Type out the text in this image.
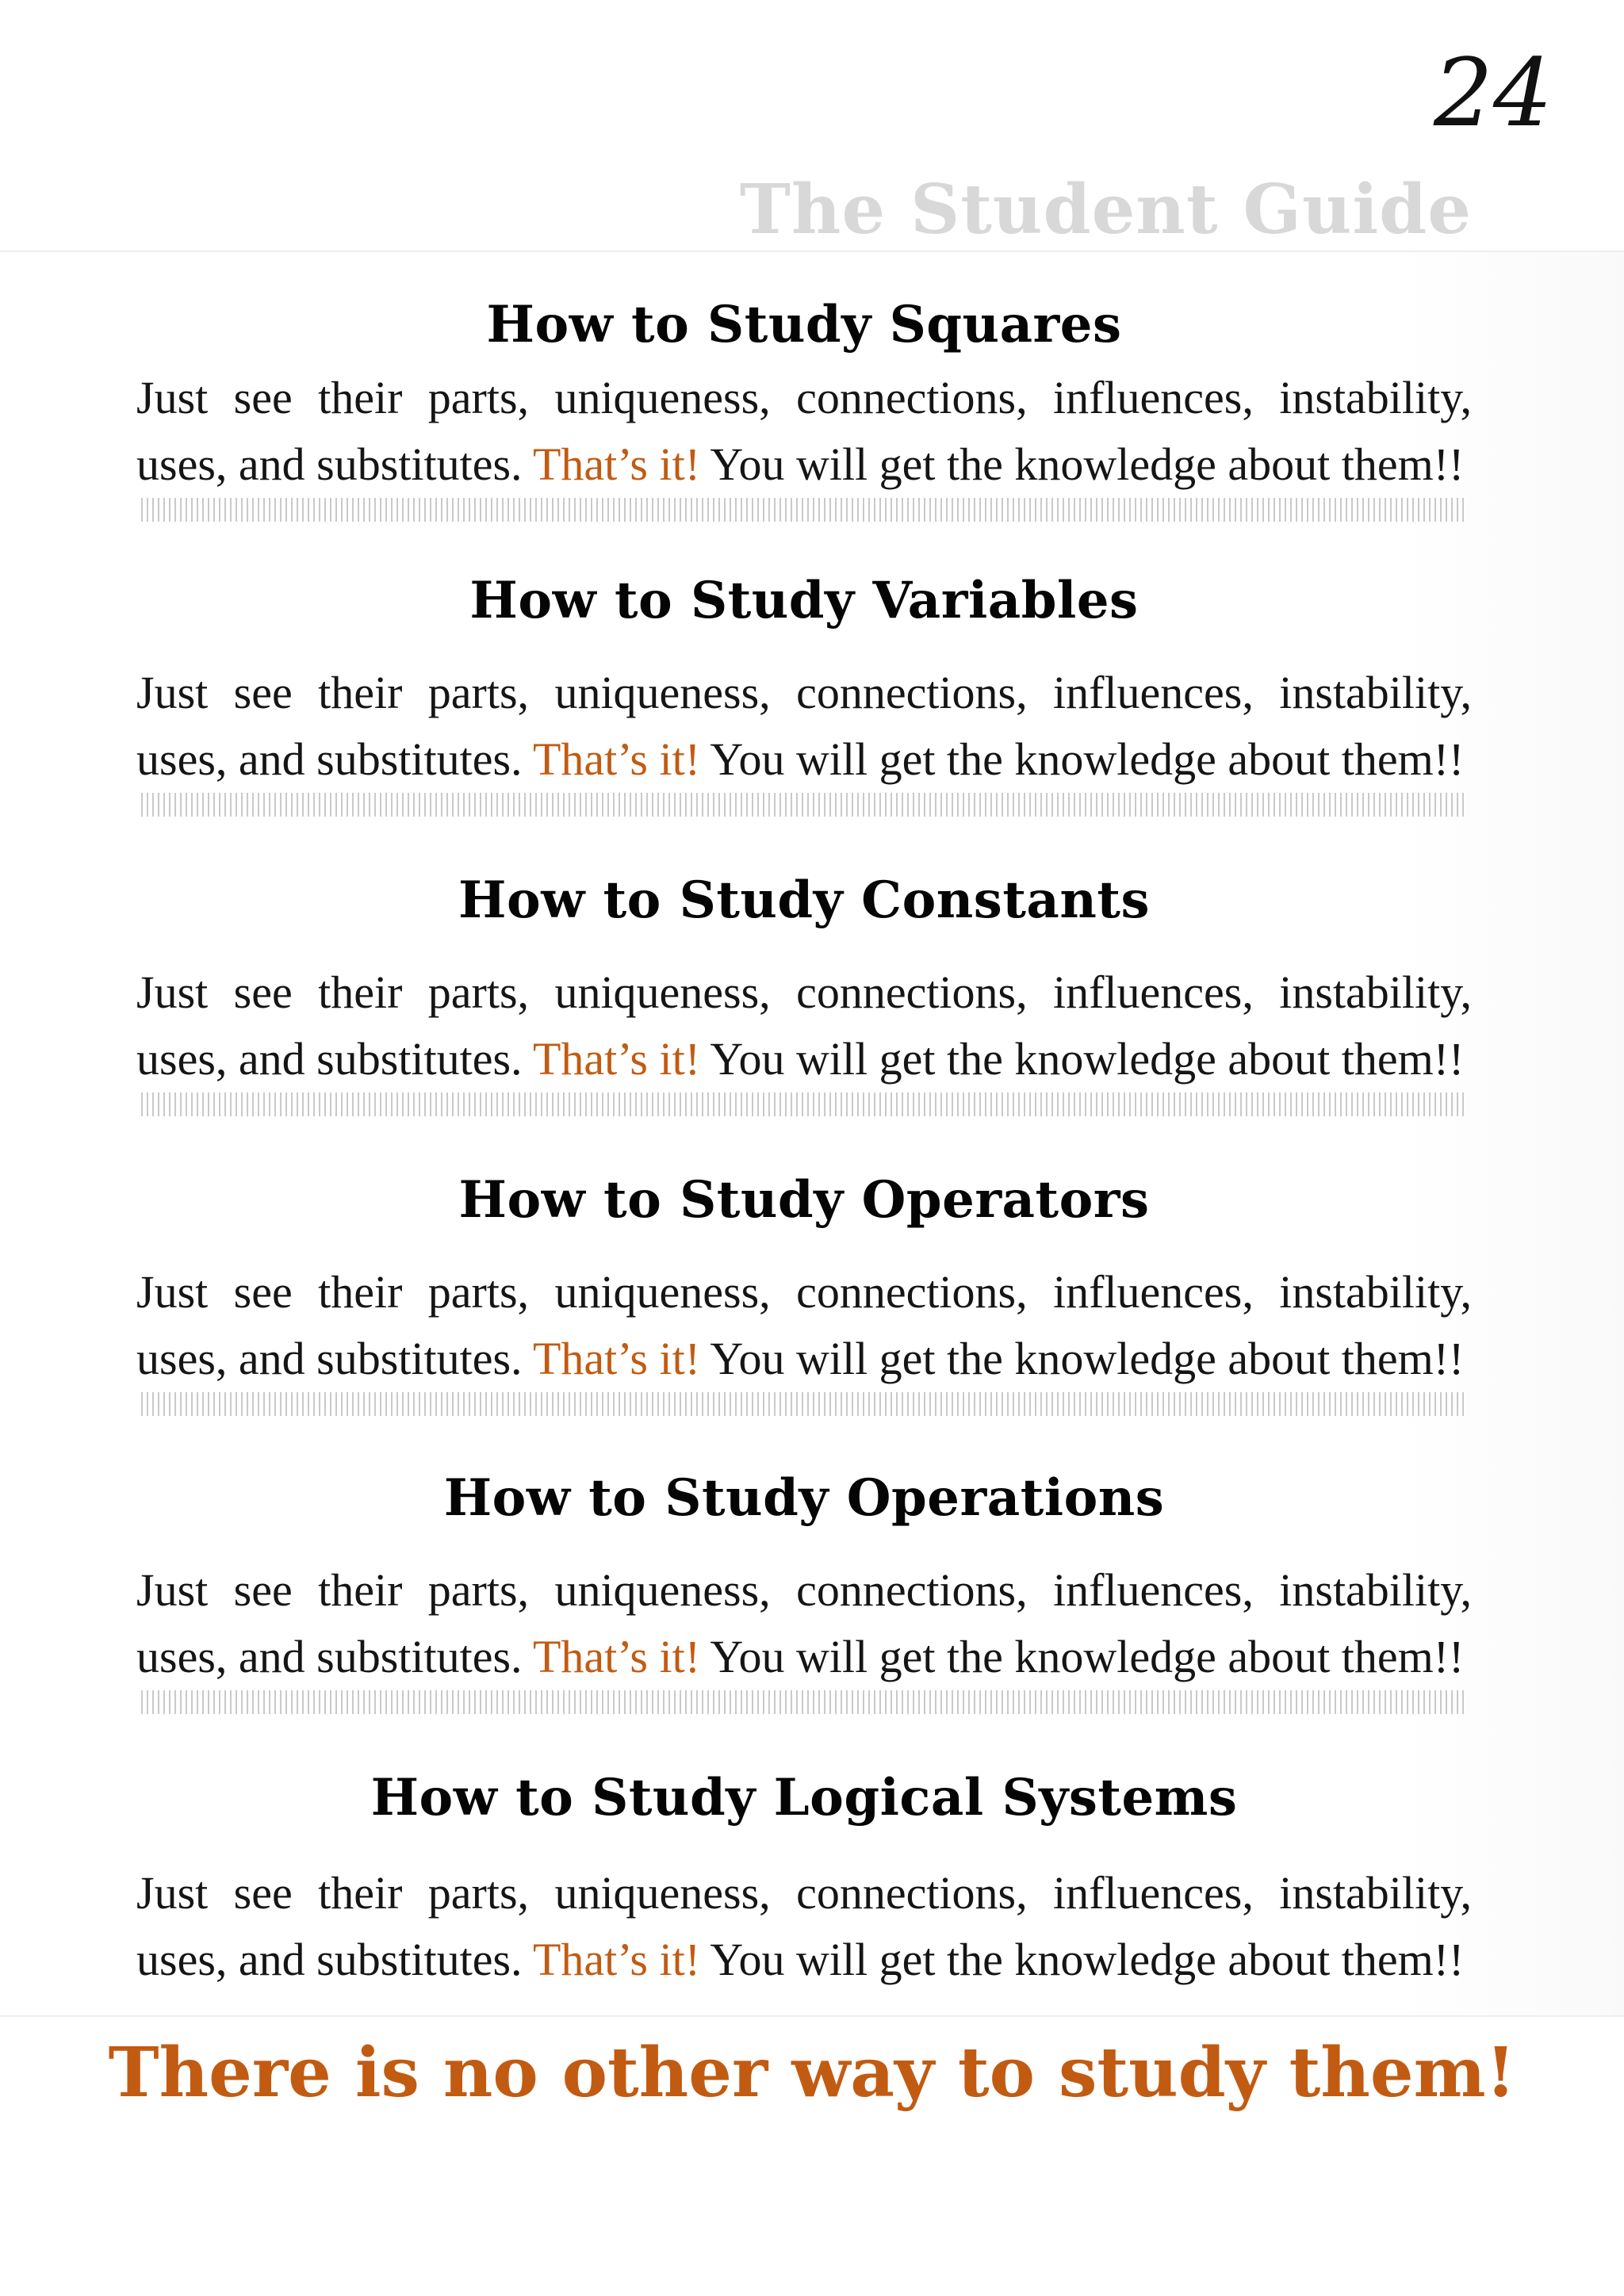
24
The Student Guide
How to Study Squares

Just see their parts, uniqueness, connections, influences, instability, uses, and substitutes. That’s it! You will get the knowledge about them!!

How to Study Variables

Just see their parts, uniqueness, connections, influences, instability, uses, and substitutes. That’s it! You will get the knowledge about them!!

How to Study Constants

Just see their parts, uniqueness, connections, influences, instability, uses, and substitutes. That’s it! You will get the knowledge about them!!

How to Study Operators

Just see their parts, uniqueness, connections, influences, instability, uses, and substitutes. That’s it! You will get the knowledge about them!!

How to Study Operations

Just see their parts, uniqueness, connections, influences, instability, uses, and substitutes. That’s it! You will get the knowledge about them!!

How to Study Logical Systems

Just see their parts, uniqueness, connections, influences, instability, uses, and substitutes. That’s it! You will get the knowledge about them!!

There is no other way to study them!
